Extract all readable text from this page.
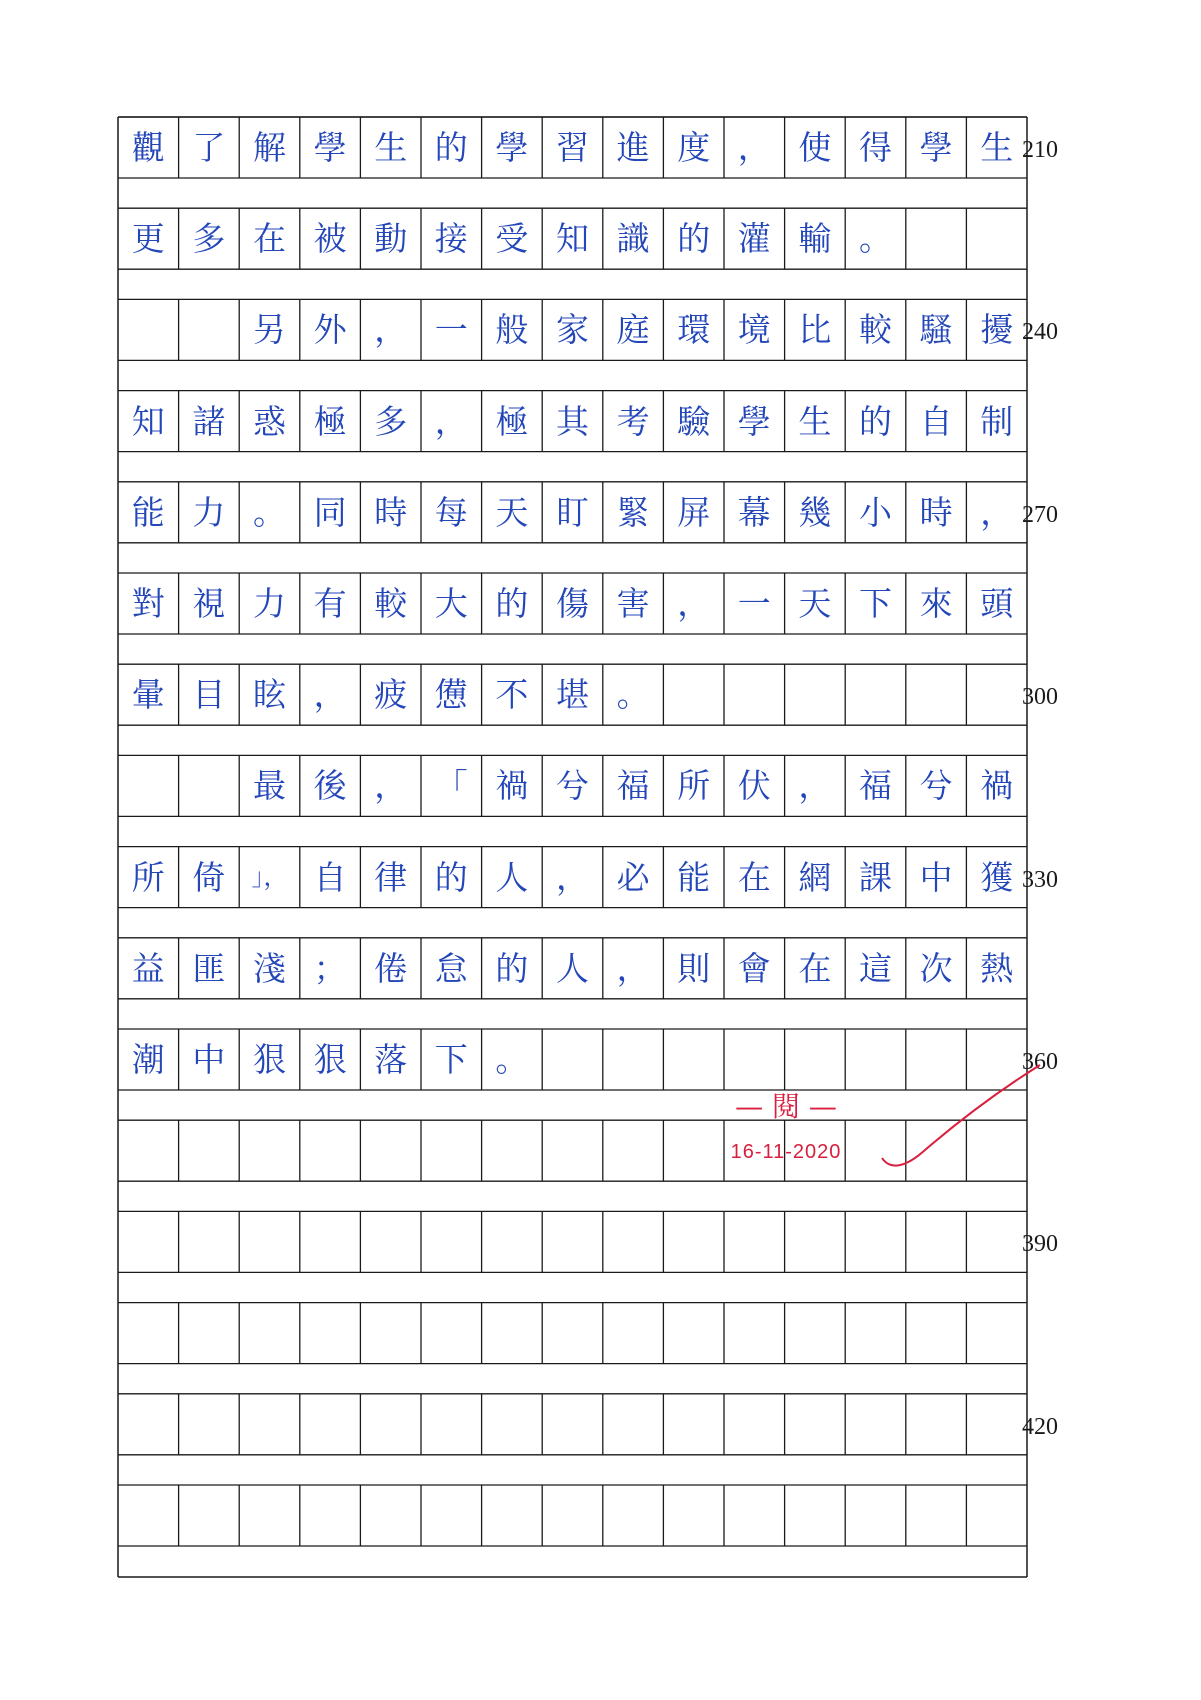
觀 了 解 學 生 的 學 習 進 度 ， 使 得 學 生
更 多 在 被 動 接 受 知 識 的 灌 輸 。
另 外 ， 一 般 家 庭 環 境 比 較 騷 擾
知 諸 惑 極 多 ， 極 其 考 驗 學 生 的 自 制
能 力 。 同 時 每 天 盯 緊 屏 幕 幾 小 時 ，
對 視 力 有 較 大 的 傷 害 ， 一 天 下 來 頭
暈 目 眩 ， 疲 憊 不 堪 。
最 後 ， 「 禍 兮 福 所 伏 ， 福 兮 禍
所 倚	」， 自 律 的 人 ， 必 能 在 網 課 中 獲
益 匪 淺 ； 倦 怠 的 人 ， 則 會 在 這 次 熱
潮 中 狠 狠 落 下 。
210
240
270
300
330
360
390
420
— 閱 —
16-11-2020
